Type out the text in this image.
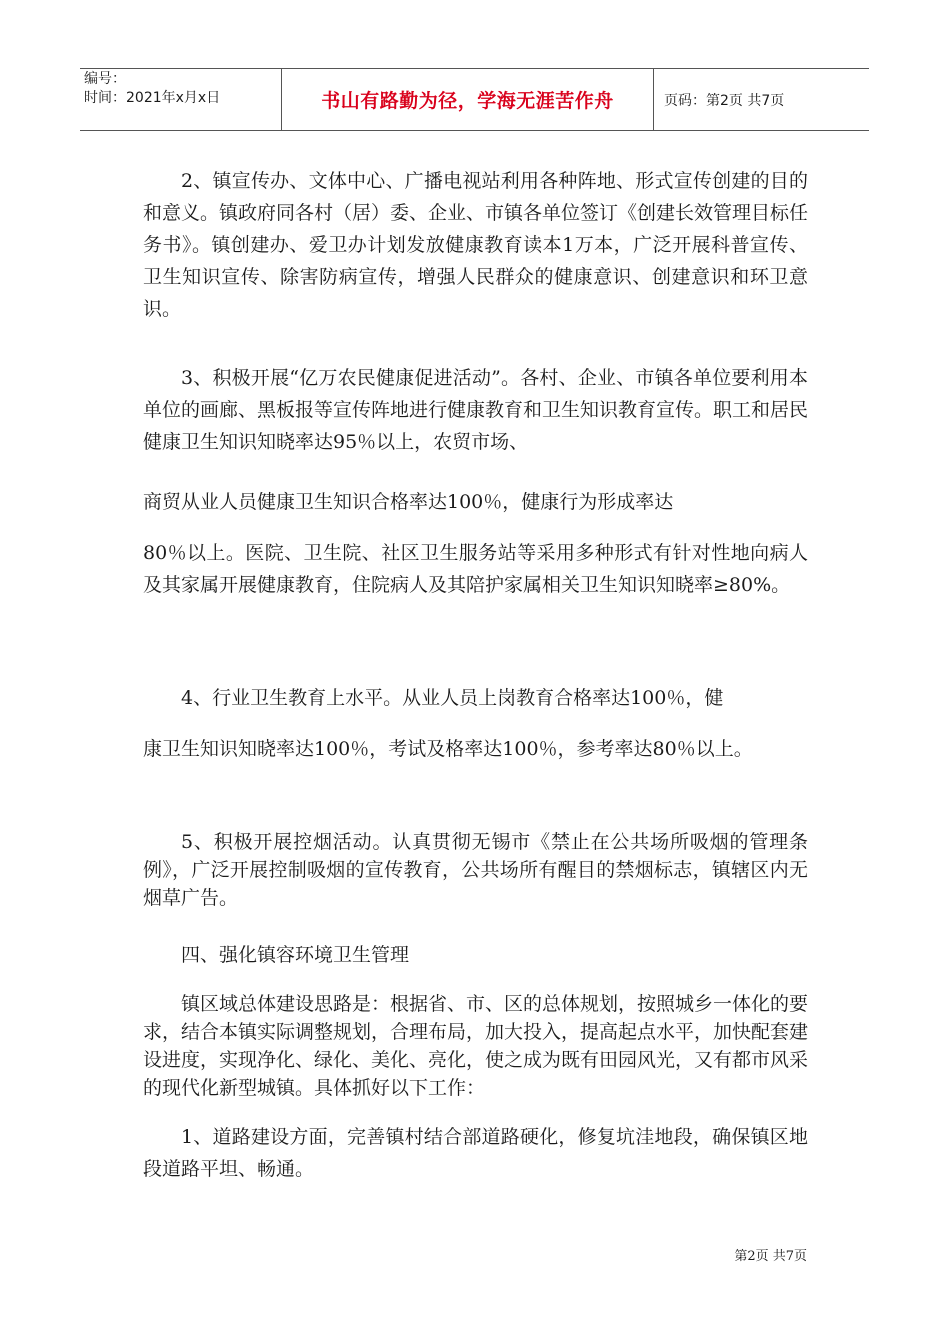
编号：
时间：2021年x月x日	书山有路勤为径，学海无涯苦作舟	页码：第2页 共7页
2、镇宣传办、文体中心、广播电视站利用各种阵地、形式宣传创建的目的和意义。镇政府同各村（居）委、企业、市镇各单位签订《创建长效管理目标任务书》。镇创建办、爱卫办计划发放健康教育读本1万本，广泛开展科普宣传、卫生知识宣传、除害防病宣传，增强人民群众的健康意识、创建意识和环卫意识。
3、积极开展“亿万农民健康促进活动”。各村、企业、市镇各单位要利用本单位的画廊、黑板报等宣传阵地进行健康教育和卫生知识教育宣传。职工和居民健康卫生知识知晓率达95％以上，农贸市场、
商贸从业人员健康卫生知识合格率达100％，健康行为形成率达
80％以上。医院、卫生院、社区卫生服务站等采用多种形式有针对性地向病人及其家属开展健康教育，住院病人及其陪护家属相关卫生知识知晓率≥80%。
4、行业卫生教育上水平。从业人员上岗教育合格率达100％，健
康卫生知识知晓率达100％，考试及格率达100％，参考率达80％以上。
5、积极开展控烟活动。认真贯彻无锡市《禁止在公共场所吸烟的管理条例》，广泛开展控制吸烟的宣传教育，公共场所有醒目的禁烟标志，镇辖区内无烟草广告。
四、强化镇容环境卫生管理
镇区域总体建设思路是：根据省、市、区的总体规划，按照城乡一体化的要求，结合本镇实际调整规划，合理布局，加大投入，提高起点水平，加快配套建设进度，实现净化、绿化、美化、亮化，使之成为既有田园风光，又有都市风采的现代化新型城镇。具体抓好以下工作：
1、道路建设方面，完善镇村结合部道路硬化，修复坑洼地段，确保镇区地段道路平坦、畅通。
第2页 共7页
